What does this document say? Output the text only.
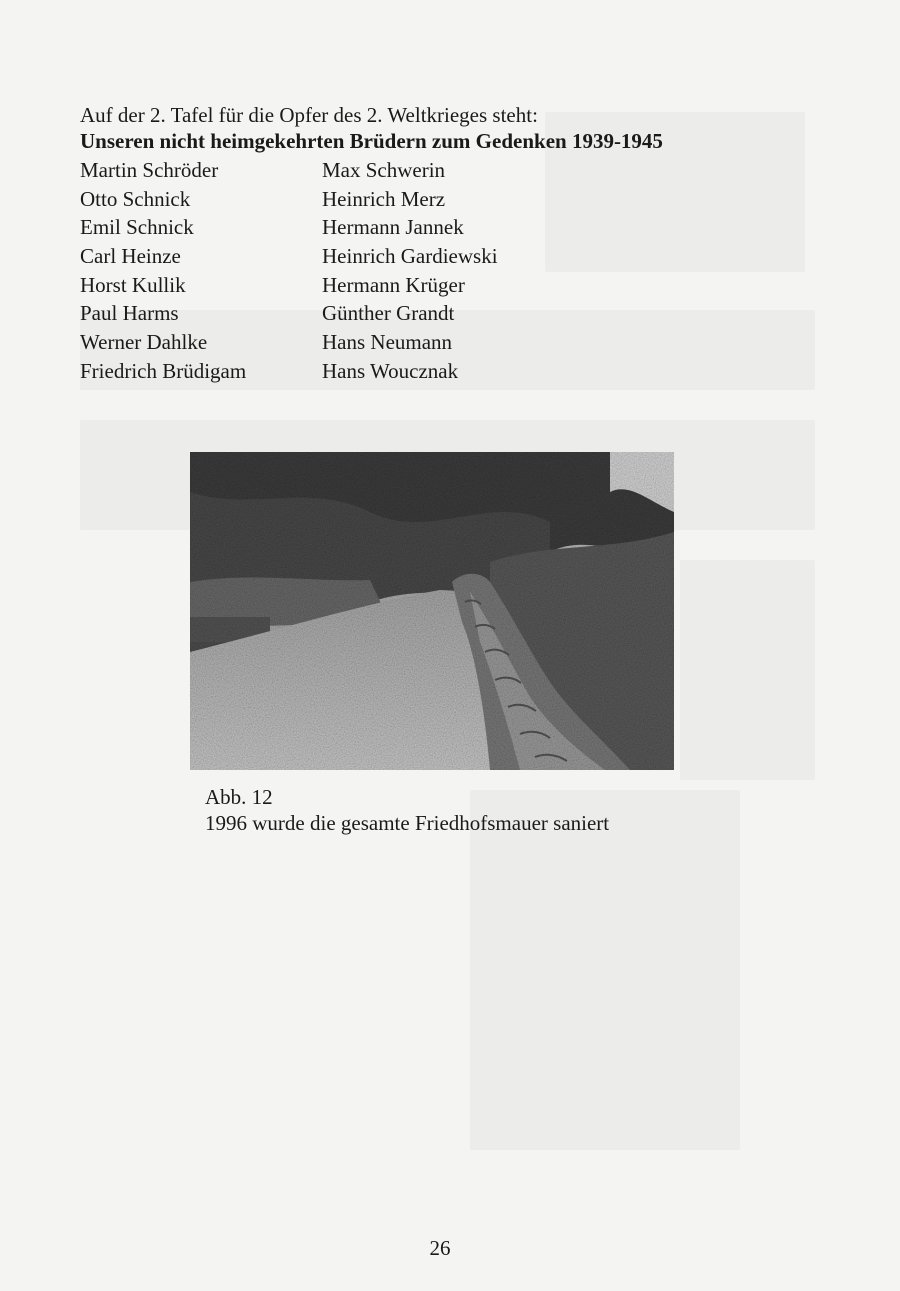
Auf der 2. Tafel für die Opfer des 2. Weltkrieges steht:
Unseren nicht heimgekehrten Brüdern zum Gedenken 1939-1945
Martin Schröder
Otto Schnick
Emil Schnick
Carl Heinze
Horst Kullik
Paul Harms
Werner Dahlke
Friedrich Brüdigam
Max Schwerin
Heinrich Merz
Hermann Jannek
Heinrich Gardiewski
Hermann Krüger
Günther Grandt
Hans Neumann
Hans Woucznak
Abb. 12
1996 wurde die gesamte Friedhofsmauer saniert
26
